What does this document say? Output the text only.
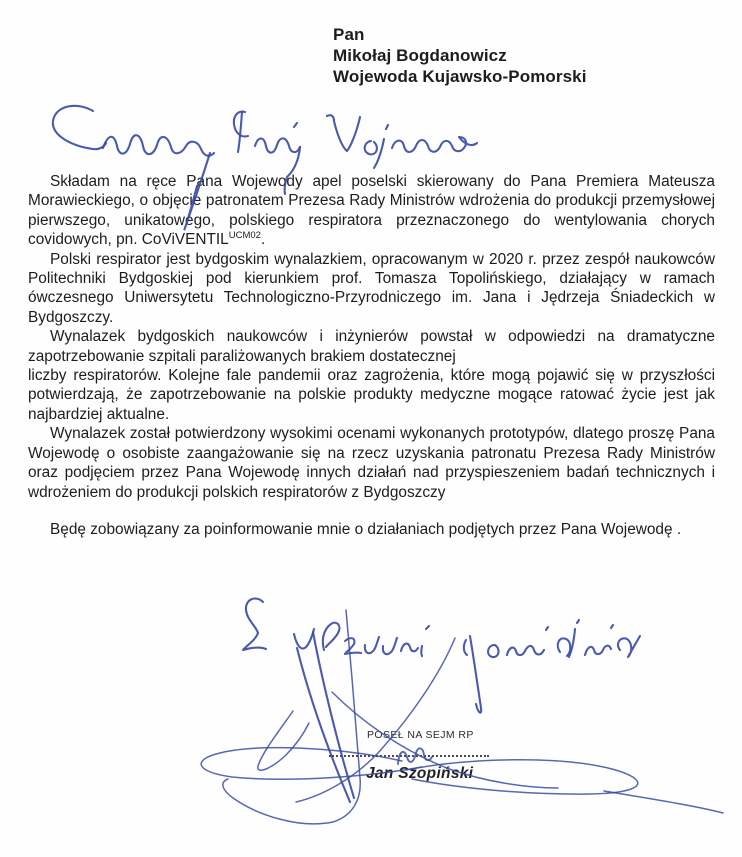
Pan
Mikołaj Bogdanowicz
Wojewoda Kujawsko-Pomorski

Składam na ręce Pana Wojewody apel poselski skierowany do Pana Premiera Mateusza Morawieckiego, o objęcie patronatem Prezesa Rady Ministrów wdrożenia do produkcji przemysłowej pierwszego, unikatowego, polskiego respiratora przeznaczonego do wentylowania chorych covidowych, pn. CoViVENTIL$^{UCM02}$.

Polski respirator jest bydgoskim wynalazkiem, opracowanym w 2020 r. przez zespół naukowców Politechniki Bydgoskiej pod kierunkiem prof. Tomasza Topolińskiego, działający w ramach ówczesnego Uniwersytetu Technologiczno-Przyrodniczego im. Jana i Jędrzeja Śniadeckich w Bydgoszczy.

Wynalazek bydgoskich naukowców i inżynierów powstał w odpowiedzi na dramatyczne zapotrzebowanie szpitali paraliżowanych brakiem dostatecznej

liczby respiratorów. Kolejne fale pandemii oraz zagrożenia, które mogą pojawić się w przyszłości potwierdzają, że zapotrzebowanie na polskie produkty medyczne mogące ratować życie jest jak najbardziej aktualne.

Wynalazek został potwierdzony wysokimi ocenami wykonanych prototypów, dlatego proszę Pana Wojewodę o osobiste zaangażowanie się na rzecz uzyskania patronatu Prezesa Rady Ministrów oraz podjęciem przez Pana Wojewodę innych działań nad przyspieszeniem badań technicznych i wdrożeniem do produkcji polskich respiratorów z Bydgoszczy

Będę zobowiązany za poinformowanie mnie o działaniach podjętych przez Pana Wojewodę .

POSEŁ NA SEJM RP
Jan Szopiński
